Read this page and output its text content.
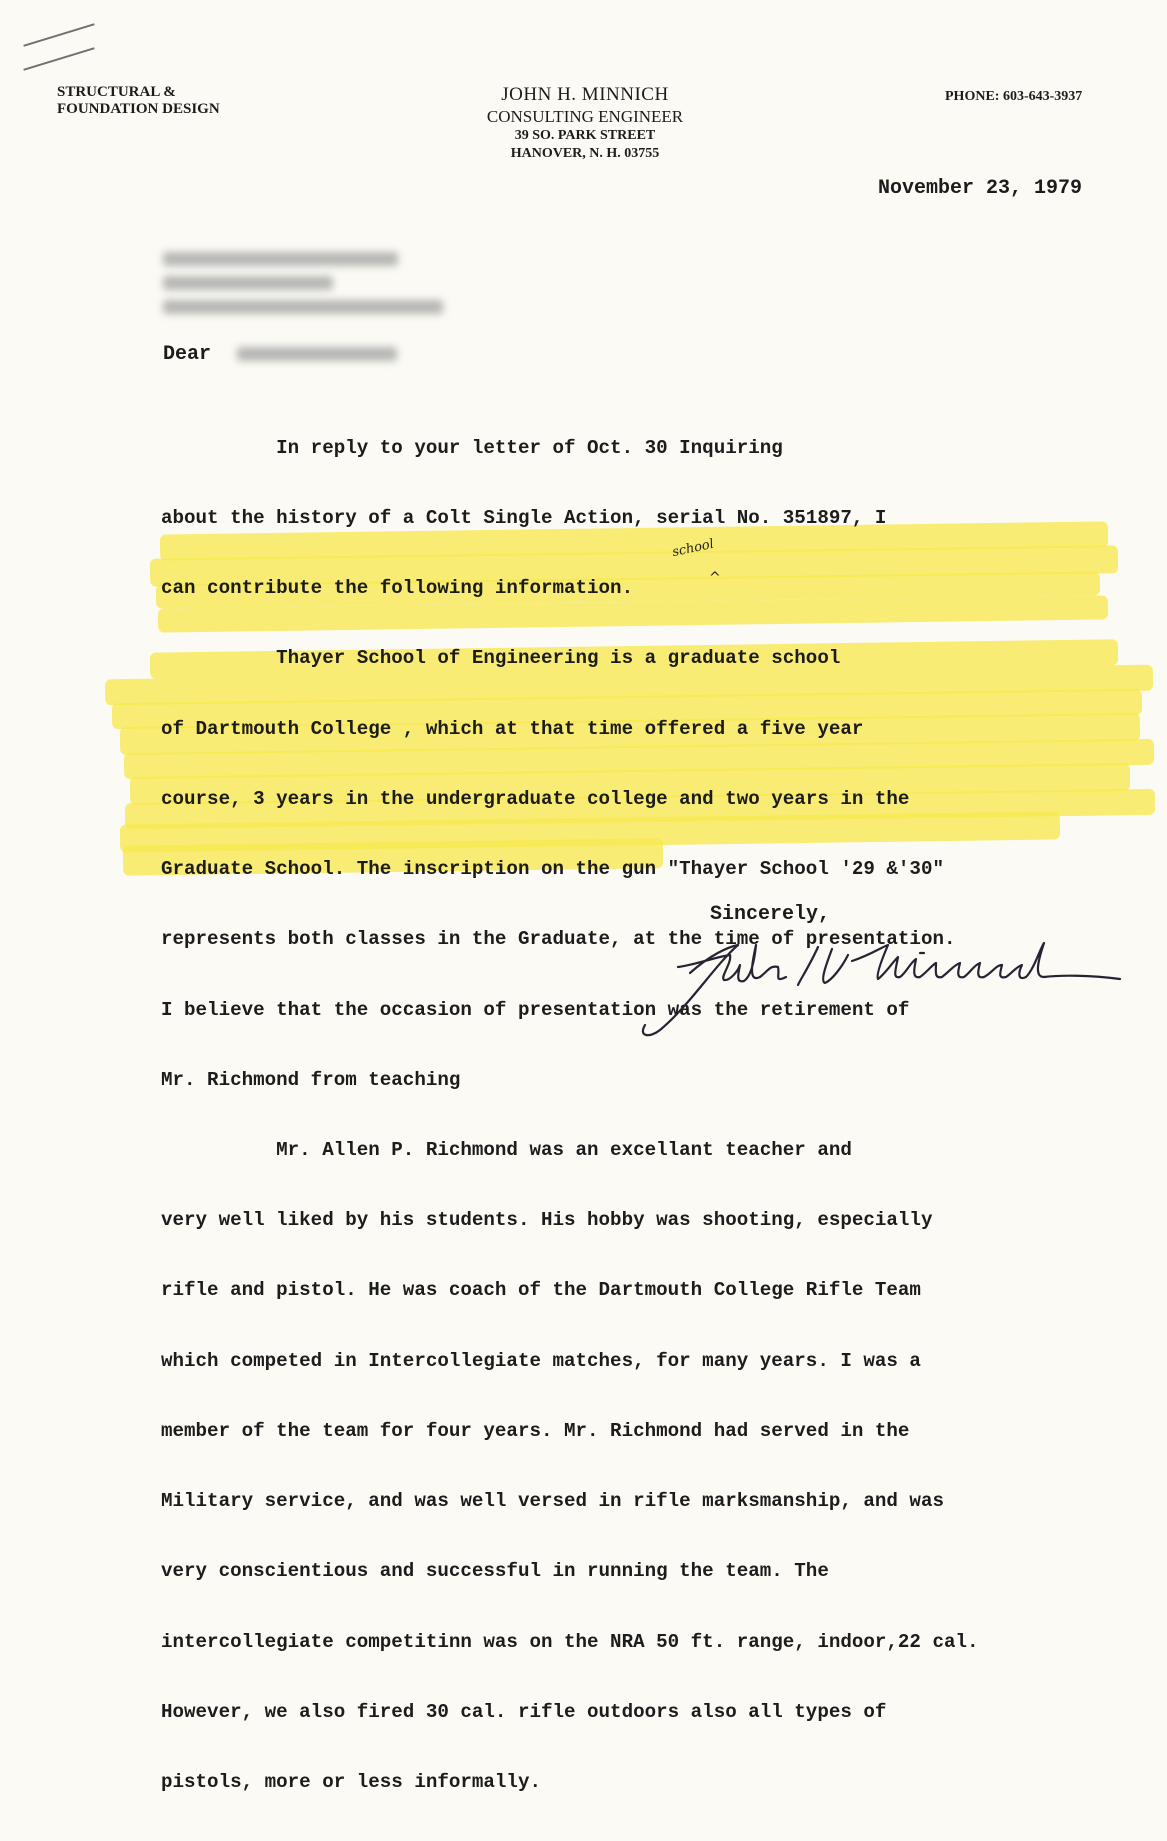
STRUCTURAL &
FOUNDATION DESIGN
JOHN H. MINNICH
CONSULTING ENGINEER
39 SO. PARK STREET
HANOVER, N. H. 03755
PHONE: 603-643-3937
November 23, 1979
Dear

In reply to your letter of Oct. 30 Inquiring

about the history of a Colt Single Action, serial No. 351897, I

can contribute the following information.

Thayer School of Engineering is a graduate school

of Dartmouth College , which at that time offered a five year

course, 3 years in the undergraduate college and two years in the

Graduate School. The inscription on the gun "Thayer School '29 &'30"

represents both classes in the Graduate, at the time of presentation.

I believe that the occasion of presentation was the retirement of

Mr. Richmond from teaching

Mr. Allen P. Richmond was an excellant teacher and

very well liked by his students. His hobby was shooting, especially

rifle and pistol. He was coach of the Dartmouth College Rifle Team

which competed in Intercollegiate matches, for many years. I was a

member of the team for four years. Mr. Richmond had served in the

Military service, and was well versed in rifle marksmanship, and was

very conscientious and successful in running the team. The

intercollegiate competitinn was on the NRA 50 ft. range, indoor,22 cal.

However, we also fired 30 cal. rifle outdoors also all types of

pistols, more or less informally.

school
^
Sincerely,
